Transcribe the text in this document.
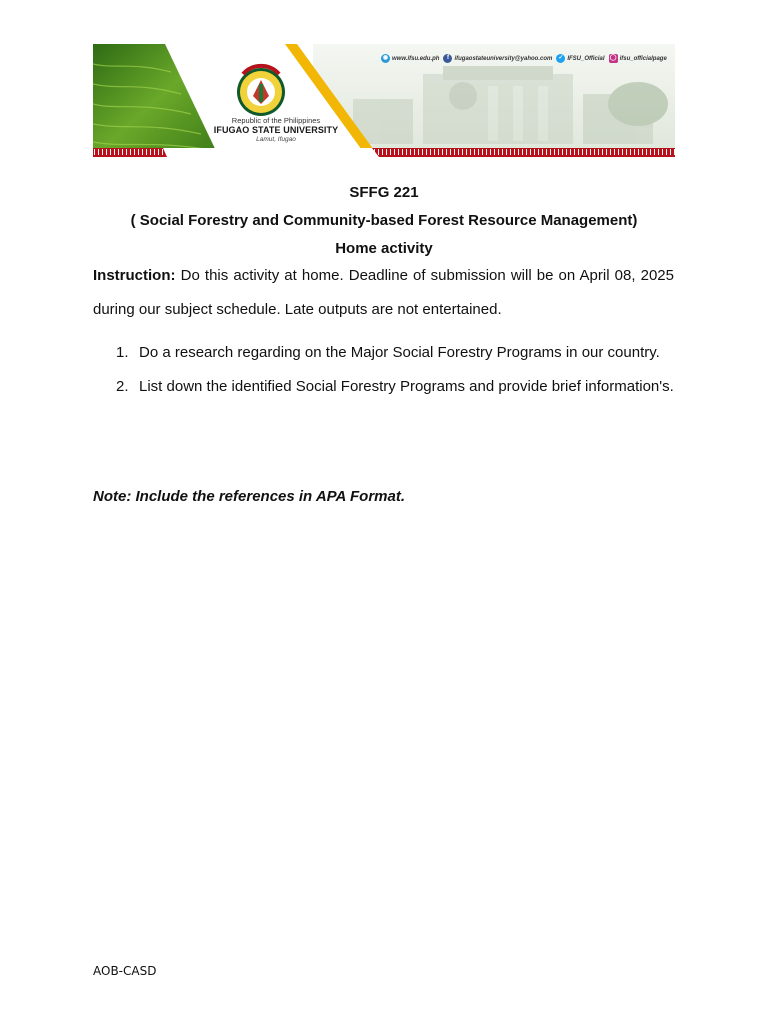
Republic of the Philippines
IFUGAO STATE UNIVERSITY
Lamut, Ifugao
◉ www.ifsu.edu.ph	f ifugaostateuniversity@yahoo.com ✓ IFSU_Official ◯ ifsu_officialpage
SFFG 221
( Social Forestry and Community-based Forest Resource Management)
Home activity
Instruction: Do this activity at home. Deadline of submission will be on April 08, 2025 during our subject schedule. Late outputs are not entertained.
1. Do a research regarding on the Major Social Forestry Programs in our country.
2. List down the identified Social Forestry Programs and provide brief information's.
Note: Include the references in APA Format.
AOB-CASD
